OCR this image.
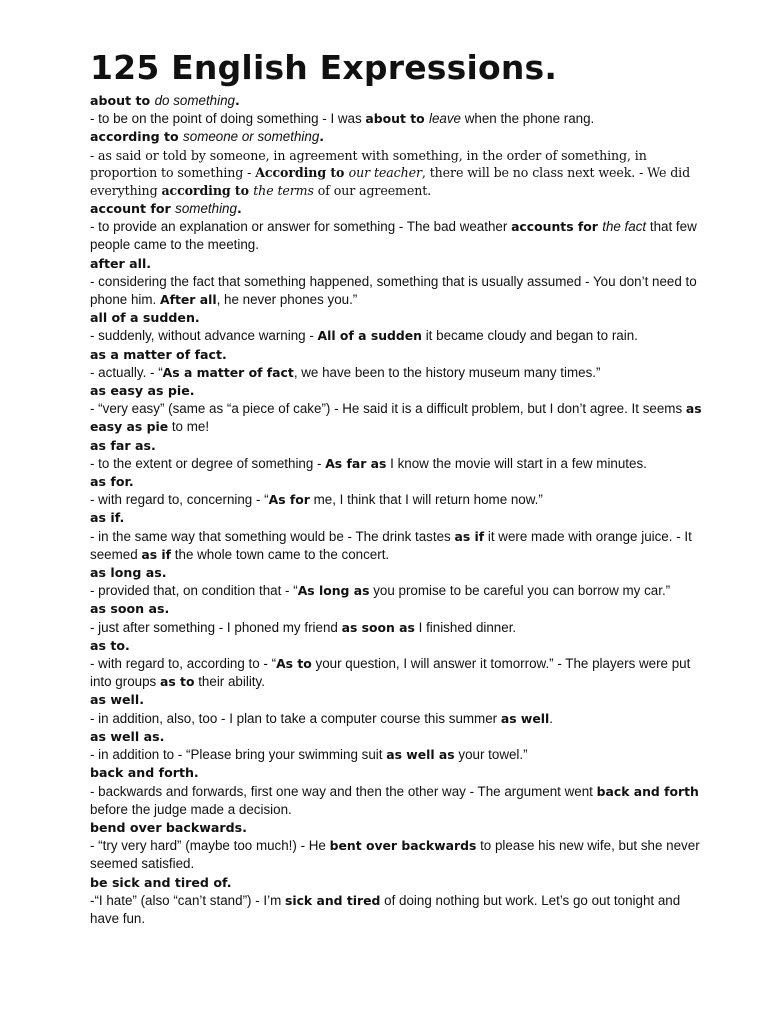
125 English Expressions.
about to do something.
- to be on the point of doing something - I was about to leave when the phone rang.
according to someone or something.
- as said or told by someone, in agreement with something, in the order of something, in proportion to something - According to our teacher, there will be no class next week. - We did everything according to the terms of our agreement.
account for something.
- to provide an explanation or answer for something - The bad weather accounts for the fact that few people came to the meeting.
after all.
- considering the fact that something happened, something that is usually assumed - You don’t need to phone him. After all, he never phones you.”
all of a sudden.
- suddenly, without advance warning - All of a sudden it became cloudy and began to rain.
as a matter of fact.
- actually. - “As a matter of fact, we have been to the history museum many times.”
as easy as pie.
- “very easy” (same as “a piece of cake”) - He said it is a difficult problem, but I don’t agree. It seems as easy as pie to me!
as far as.
- to the extent or degree of something - As far as I know the movie will start in a few minutes.
as for.
- with regard to, concerning - “As for me, I think that I will return home now.”
as if.
- in the same way that something would be - The drink tastes as if it were made with orange juice. - It seemed as if the whole town came to the concert.
as long as.
- provided that, on condition that - “As long as you promise to be careful you can borrow my car.”
as soon as.
- just after something - I phoned my friend as soon as I finished dinner.
as to.
- with regard to, according to - “As to your question, I will answer it tomorrow.” - The players were put into groups as to their ability.
as well.
- in addition, also, too - I plan to take a computer course this summer as well.
as well as.
- in addition to - “Please bring your swimming suit as well as your towel.”
back and forth.
- backwards and forwards, first one way and then the other way - The argument went back and forth before the judge made a decision.
bend over backwards.
- “try very hard” (maybe too much!) - He bent over backwards to please his new wife, but she never seemed satisfied.
be sick and tired of.
-“I hate” (also “can’t stand”) - I’m sick and tired of doing nothing but work. Let’s go out tonight and have fun.
